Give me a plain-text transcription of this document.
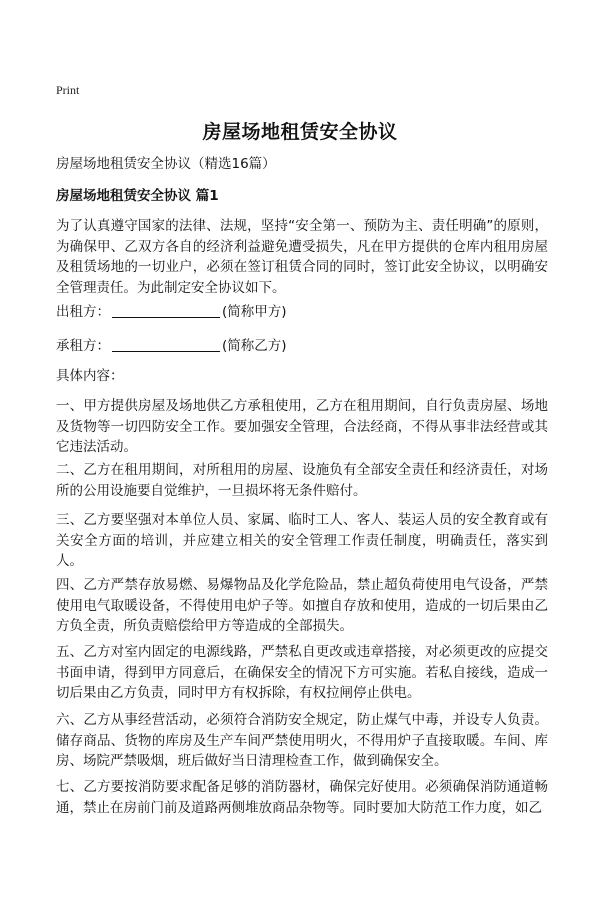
Print
房屋场地租赁安全协议
房屋场地租赁安全协议（精选16篇）
房屋场地租赁安全协议 篇1
为了认真遵守国家的法律、法规，坚持“安全第一、预防为主、责任明确”的原则，为确保甲、乙双方各自的经济利益避免遭受损失，凡在甲方提供的仓库内租用房屋及租赁场地的一切业户，必须在签订租赁合同的同时，签订此安全协议，以明确安全管理责任。为此制定安全协议如下。
出租方：	(简称甲方)
承租方：	(简称乙方)
具体内容：
一、甲方提供房屋及场地供乙方承租使用，乙方在租用期间，自行负责房屋、场地及货物等一切四防安全工作。要加强安全管理，合法经商，不得从事非法经营或其它违法活动。
二、乙方在租用期间，对所租用的房屋、设施负有全部安全责任和经济责任，对场所的公用设施要自觉维护，一旦损坏将无条件赔付。
三、乙方要坚强对本单位人员、家属、临时工人、客人、装运人员的安全教育或有关安全方面的培训，并应建立相关的安全管理工作责任制度，明确责任，落实到人。
四、乙方严禁存放易燃、易爆物品及化学危险品，禁止超负荷使用电气设备，严禁使用电气取暖设备，不得使用电炉子等。如擅自存放和使用，造成的一切后果由乙方负全责，所负责赔偿给甲方等造成的全部损失。
五、乙方对室内固定的电源线路，严禁私自更改或违章搭接，对必须更改的应提交书面申请，得到甲方同意后，在确保安全的情况下方可实施。若私自接线，造成一切后果由乙方负责，同时甲方有权拆除，有权拉闸停止供电。
六、乙方从事经营活动，必须符合消防安全规定，防止煤气中毒，并设专人负责。储存商品、货物的库房及生产车间严禁使用明火，不得用炉子直接取暖。车间、库房、场院严禁吸烟，班后做好当日清理检查工作，做到确保安全。
七、乙方要按消防要求配备足够的消防器材，确保完好使用。必须确保消防通道畅通，禁止在房前门前及道路两侧堆放商品杂物等。同时要加大防范工作力度，如乙
